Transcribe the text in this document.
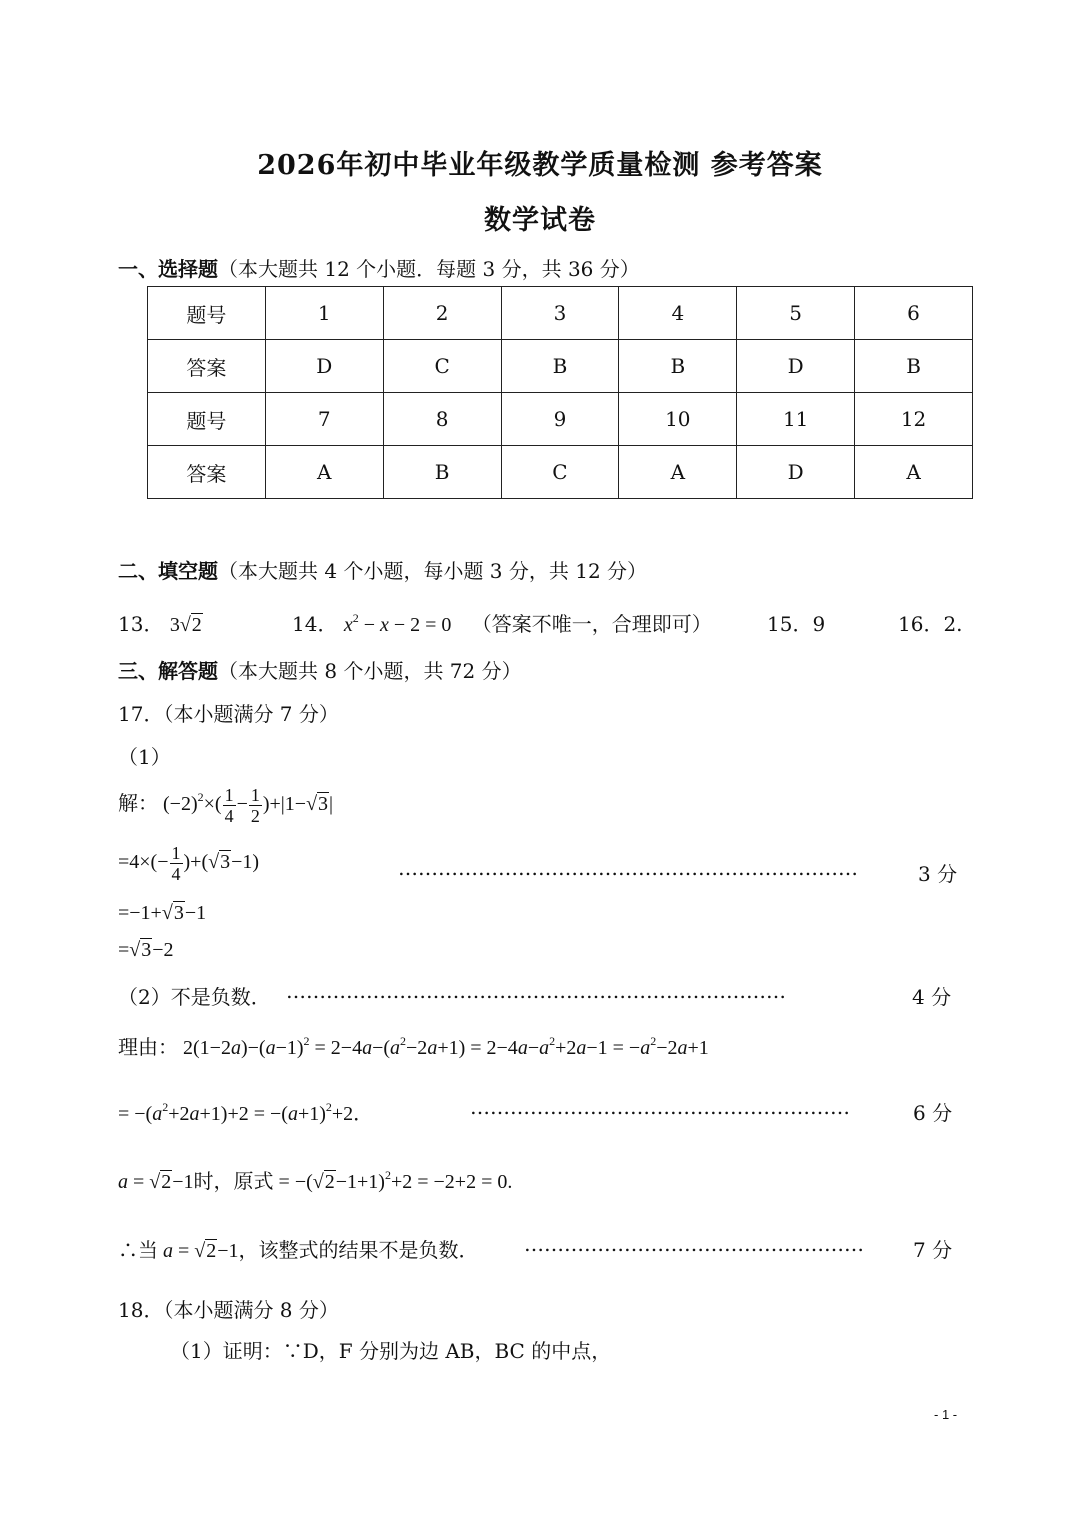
2026年初中毕业年级教学质量检测 参考答案
数学试卷
一、选择题（本大题共 12 个小题．每题 3 分，共 36 分）
题号	1	2	3	4	5	6
答案	D	C	B	B	D	B
题号	7	8	9	10	11	12
答案	A	B	C	A	D	A
二、填空题（本大题共 4 个小题，每小题 3 分，共 12 分）
13． 3√2	14． $x^2 - x - 2 = 0$ （答案不唯一，合理即可）	15．9	16．2.
三、解答题（本大题共 8 个小题，共 72 分）
17．（本小题满分 7 分）
（1）
解： $(-2)^2\times( \frac{1}{4} - \frac{1}{2} )+|1-√3|$
$=4\times(- \frac{1}{4} )+(√3-1)$	……………………………………………………………	3 分
=−1+√3−1
=√3−2
（2）不是负数． …………………………………………………………………	4 分
理由： $2(1-2a)-(a-1)^2 = 2-4a-(a^2-2a+1) = 2-4a-a^2+2a-1 = -a^2-2a+1$
= $-(a^2+2a+1)+2 = -(a+1)^2+2$．	…………………………………………………	6 分
a = √2−1时，原式 = $-(√2-1+1)^2+2 = -2+2 = 0$.
∴当 a = √2−1，该整式的结果不是负数． …………………………………………… 7 分
18．（本小题满分 8 分）
（1）证明：∵D，F 分别为边 AB，BC 的中点，
- 1 -
